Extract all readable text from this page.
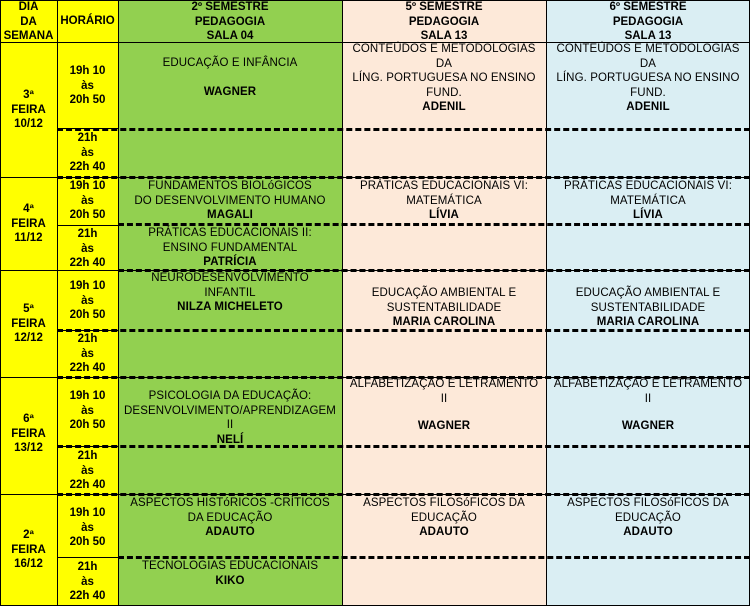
DIA
DA
SEMANA
HORÁRIO
2º SEMESTRE
PEDAGOGIA
SALA 04
5º SEMESTRE
PEDAGOGIA
SALA 13
6º SEMESTRE
PEDAGOGIA
SALA 13
3ª
FEIRA
10/12
19h 10
às
20h 50
21h
às
22h 40
EDUCAÇÃO E INFÂNCIA
WAGNER
CONTEÚDOS E METODOLOGIAS
DA
LÍNG. PORTUGUESA NO ENSINO
FUND.
ADENIL
CONTEÚDOS E METODOLOGIAS
DA
LÍNG. PORTUGUESA NO ENSINO
FUND.
ADENIL
4ª
FEIRA
11/12
19h 10
às
20h 50
21h
às
22h 40
FUNDAMENTOS BIOLóGICOS
DO DESENVOLVIMENTO HUMANO
MAGALI
PRÁTICAS EDUCACIONAIS II:
ENSINO FUNDAMENTAL
PATRÍCIA
PRÁTICAS EDUCACIONAIS VI:
MATEMÁTICA
LÍVIA
PRÁTICAS EDUCACIONAIS VI:
MATEMÁTICA
LÍVIA
5ª
FEIRA
12/12
19h 10
às
20h 50
21h
às
22h 40
NEURODESENVOLVIMENTO
INFANTIL
NILZA MICHELETO
EDUCAÇÃO AMBIENTAL E
SUSTENTABILIDADE
MARIA CAROLINA
EDUCAÇÃO AMBIENTAL E
SUSTENTABILIDADE
MARIA CAROLINA
6ª
FEIRA
13/12
19h 10
às
20h 50
21h
às
22h 40
PSICOLOGIA DA EDUCAÇÃO:
DESENVOLVIMENTO/APRENDIZAGEM
II
NELÍ
ALFABETIZAÇÃO E LETRAMENTO
II
WAGNER
ALFABETIZAÇÃO E LETRAMENTO
II
WAGNER
2ª
FEIRA
16/12
19h 10
às
20h 50
21h
às
22h 40
ASPECTOS HISTóRICOS -CRÍTICOS
DA EDUCAÇÃO
ADAUTO
TECNOLOGIAS EDUCACIONAIS
KIKO
ASPECTOS FILOSóFICOS DA
EDUCAÇÃO
ADAUTO
ASPECTOS FILOSóFICOS DA
EDUCAÇÃO
ADAUTO
